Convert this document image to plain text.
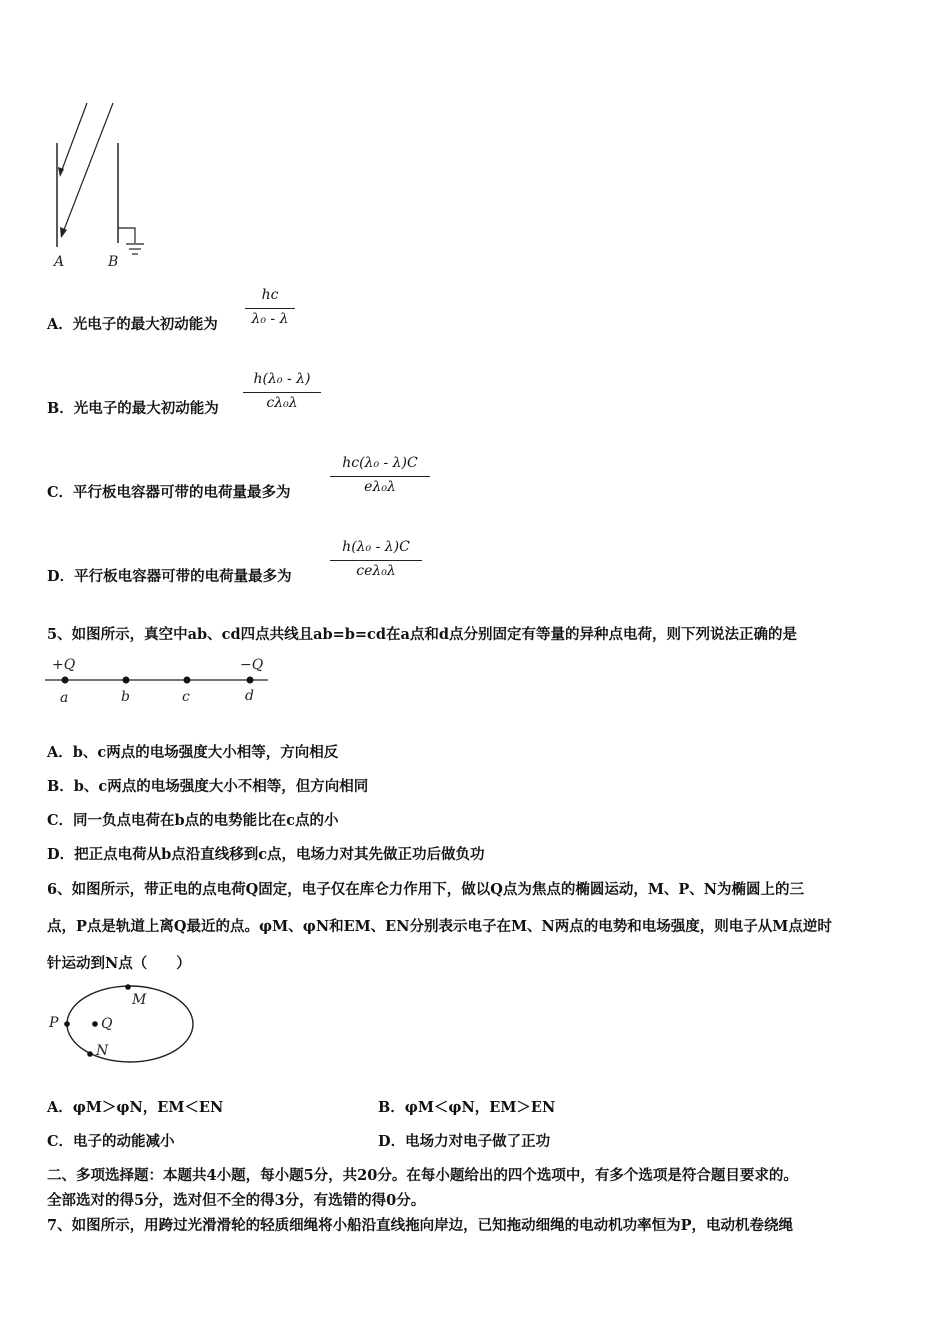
A	B
A．光电子的最大初动能为
hc
λ₀ - λ
B．光电子的最大初动能为
h(λ₀ - λ)
cλ₀λ
C．平行板电容器可带的电荷量最多为
hc(λ₀ - λ)C
eλ₀λ
D．平行板电容器可带的电荷量最多为
h(λ₀ - λ)C
ceλ₀λ
5、如图所示，真空中ab、cd四点共线且ab=b=cd在a点和d点分别固定有等量的异种点电荷，则下列说法正确的是
+Q	−Q
a	b	c	d
A．b、c两点的电场强度大小相等，方向相反
B．b、c两点的电场强度大小不相等，但方向相同
C．同一负点电荷在b点的电势能比在c点的小
D．把正点电荷从b点沿直线移到c点，电场力对其先做正功后做负功
6、如图所示，带正电的点电荷Q固定，电子仅在库仑力作用下，做以Q点为焦点的椭圆运动，M、P、N为椭圆上的三
点，P点是轨道上离Q最近的点。φM、φN和EM、EN分别表示电子在M、N两点的电势和电场强度，则电子从M点逆时
针运动到N点（　　）
P	Q
M
N
A．φM＞φN，EM＜EN	B．φM＜φN，EM＞EN
C．电子的动能减小	D．电场力对电子做了正功
二、多项选择题：本题共4小题，每小题5分，共20分。在每小题给出的四个选项中，有多个选项是符合题目要求的。
全部选对的得5分，选对但不全的得3分，有选错的得0分。
7、如图所示，用跨过光滑滑轮的轻质细绳将小船沿直线拖向岸边，已知拖动细绳的电动机功率恒为P，电动机卷绕绳
